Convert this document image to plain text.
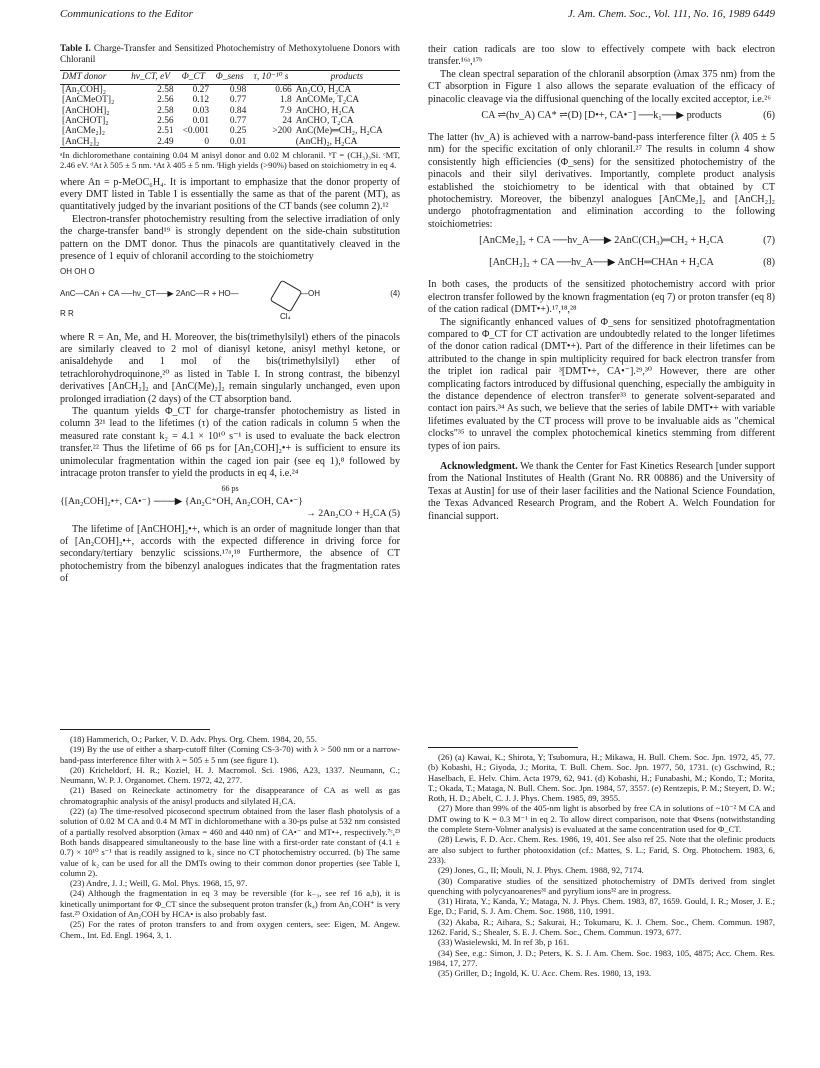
Communications to the Editor	J. Am. Chem. Soc., Vol. 111, No. 16, 1989 6449

Table I. Charge-Transfer and Sensitized Photochemistry of Methoxytoluene Donors with Chloranil

DMT donor	hν_CT, eV	Φ_CT	Φ_sens	τ, 10⁻¹⁰ s	products
[An₂COH]₂	2.58	0.27	0.98	0.66	An₂CO, H₂CA
[AnCMeOT]₂	2.56	0.12	0.77	1.8	AnCOMe, T₂CA
[AnCHOH]₂	2.58	0.03	0.84	7.9	AnCHO, H₂CA
[AnCHOT]₂	2.56	0.01	0.77	24	AnCHO, T₂CA
[AnCMe₂]₂	2.51	<0.001	0.25	>200	AnC(Me)═CH₂, H₂CA
[AnCH₂]₂	2.49	0	0.01		(AnCH)₂, H₂CA
ᵃIn dichloromethane containing 0.04 M anisyl donor and 0.02 M chloranil. ᵇT = (CH₃)₃Si. ᶜMT, 2.46 eV. ᵈAt λ 505 ± 5 nm. ᵉAt λ 405 ± 5 nm. ᶠHigh yields (>90%) based on stoichiometry in eq 4.

where An = p-MeOC₆H₄. It is important to emphasize that the donor property of every DMT listed in Table I is essentially the same as that of the parent (MT), as quantitatively judged by the invariant positions of the CT bands (see column 2).¹²

Electron-transfer photochemistry resulting from the selective irradiation of only the charge-transfer band¹⁹ is strongly dependent on the side-chain substitution pattern on the DMT donor. Thus the pinacols are quantitatively cleaved in the presence of 1 equiv of chloranil according to the stoichiometry

OH OH O
AnC—CAn + CA ──hν_CT──▶ 2AnC—R + HO—
R R
—OH
Cl₄
(4)

where R = An, Me, and H. Moreover, the bis(trimethylsilyl) ethers of the pinacols are similarly cleaved to 2 mol of dianisyl ketone, anisyl methyl ketone, or anisaldehyde and 1 mol of the bis(trimethylsilyl) ether of tetrachlorohydroquinone,²⁰ as listed in Table I. In strong contrast, the bibenzyl derivatives [AnCH₂]₂ and [AnC(Me)₂]₂ remain singularly unchanged, even upon prolonged irradiation (2 days) of the CT absorption band.

The quantum yields Φ_CT for charge-transfer photochemistry as listed in column 3²¹ lead to the lifetimes (τ) of the cation radicals in column 5 when the measured rate constant k₂ = 4.1 × 10¹⁰ s⁻¹ is used to evaluate the back electron transfer.²² Thus the lifetime of 66 ps for [An₂COH]₂•+ is sufficient to ensure its unimolecular fragmentation within the caged ion pair (see eq 1),⁸ followed by intracage proton transfer to yield the products in eq 4, i.e.²⁴

66 ps
{[An₂COH]₂•+, CA•⁻} ───▶ {An₂C⁺OH, An₂COH, CA•⁻}
→ 2An₂CO + H₂CA (5)

The lifetime of [AnCHOH]₂•+, which is an order of magnitude longer than that of [An₂COH]₂•+, accords with the expected difference in driving force for secondary/tertiary benzylic scissions.¹⁷ᵃ,¹⁸ Furthermore, the absence of CT photochemistry from the bibenzyl analogues indicates that the fragmentation rates of

(18) Hammerich, O.; Parker, V. D. Adv. Phys. Org. Chem. 1984, 20, 55.

(19) By the use of either a sharp-cutoff filter (Corning CS-3-70) with λ > 500 nm or a narrow-band-pass interference filter with λ = 505 ± 5 nm (see figure 1).

(20) Kricheldorf, H. R.; Koziel, H. J. Macromol. Sci. 1986, A23, 1337. Neumann, C.; Neumann, W. P. J. Organomet. Chem. 1972, 42, 277.

(21) Based on Reineckate actinometry for the disappearance of CA as well as gas chromatographic analysis of the anisyl products and silylated H₂CA.

(22) (a) The time-resolved picosecond spectrum obtained from the laser flash photolysis of a solution of 0.02 M CA and 0.4 M MT in dichloromethane with a 30-ps pulse at 532 nm consisted of a partially resolved absorption (λmax = 460 and 440 nm) of CA•⁻ and MT•+, respectively.⁷ᶜ,²³ Both bands disappeared simultaneously to the base line with a first-order rate constant of (4.1 ± 0.7) × 10¹⁰ s⁻¹ that is readily assigned to k₂ since no CT photochemistry occurred. (b) The same value of k₂ can be used for all the DMTs owing to their common donor properties (see Table I, column 2).

(23) Andre, J. J.; Weill, G. Mol. Phys. 1968, 15, 97.

(24) Although the fragmentation in eq 3 may be reversible (for k₋₃, see ref 16 a,b), it is kinetically unimportant for Φ_CT since the subsequent proton transfer (k₄) from An₂COH⁺ is very fast.²⁵ Oxidation of An₂COH by HCA• is also probably fast.

(25) For the rates of proton transfers to and from oxygen centers, see: Eigen, M. Angew. Chem., Int. Ed. Engl. 1964, 3, 1.

their cation radicals are too slow to effectively compete with back electron transfer.¹⁶ᵃ,¹⁷ᵇ

The clean spectral separation of the chloranil absorption (λmax 375 nm) from the CT absorption in Figure 1 also allows the separate evaluation of the efficacy of pinacolic cleavage via the diffusional quenching of the locally excited acceptor, i.e.²⁶

CA ⇌(hν_A) CA* ⇌(D) [D•+, CA•⁻] ──k₁──▶ products	(6)

The latter (hν_A) is achieved with a narrow-band-pass interference filter (λ 405 ± 5 nm) for the specific excitation of only chloranil.²⁷ The results in column 4 show consistently high efficiencies (Φ_sens) for the sensitized photochemistry of the pinacols and their silyl derivatives. Importantly, complete product analysis established the stoichiometry to be identical with that obtained by CT photochemistry. Moreover, the bibenzyl analogues [AnCMe₂]₂ and [AnCH₂]₂ undergo photofragmentation and elimination according to the following stoichiometries:

[AnCMe₂]₂ + CA ──hν_A──▶ 2AnC(CH₃)═CH₂ + H₂CA	(7)
[AnCH₂]₂ + CA ──hν_A──▶ AnCH═CHAn + H₂CA	(8)

In both cases, the products of the sensitized photochemistry accord with prior electron transfer followed by the known fragmentation (eq 7) or proton transfer (eq 8) of the cation radical (DMT•+).¹⁷,¹⁸,²⁸

The significantly enhanced values of Φ_sens for sensitized photofragmentation compared to Φ_CT for CT activation are undoubtedly related to the longer lifetimes of the donor cation radical (DMT•+). Part of the difference in their lifetimes can be attributed to the change in spin multiplicity required for back electron transfer from the triplet ion radical pair ³[DMT•+, CA•⁻].²⁹,³⁰ However, there are other complicating factors introduced by diffusional quenching, especially the ambiguity in the distance dependence of electron transfer³³ to generate solvent-separated and contact ion pairs.³⁴ As such, we believe that the series of labile DMT•+ with variable lifetimes evaluated by the CT process will prove to be invaluable aids as "chemical clocks"³⁵ to unravel the complex photochemical kinetics stemming from different types of ion pairs.

Acknowledgment. We thank the Center for Fast Kinetics Research [under support from the National Institutes of Health (Grant No. RR 00886) and the University of Texas at Austin] for use of their laser facilities and the National Science Foundation, the Texas Advanced Research Program, and the Robert A. Welch Foundation for financial support.

(26) (a) Kawai, K.; Shirota, Y; Tsubomura, H.; Mikawa, H. Bull. Chem. Soc. Jpn. 1972, 45, 77. (b) Kobashi, H.; Giyoda, J.; Morita, T. Bull. Chem. Soc. Jpn. 1977, 50, 1731. (c) Gschwind, R.; Haselbach, E. Helv. Chim. Acta 1979, 62, 941. (d) Kobashi, H.; Funabashi, M.; Kondo, T.; Morita, T.; Okada, T.; Mataga, N. Bull. Chem. Soc. Jpn. 1984, 57, 3557. (e) Rentzepis, P. M.; Steyert, D. W.; Roth, H. D.; Abelt, C. J. J. Phys. Chem. 1985, 89, 3955.

(27) More than 99% of the 405-nm light is absorbed by free CA in solutions of ~10⁻² M CA and DMT owing to K = 0.3 M⁻¹ in eq 2. To allow direct comparison, note that Φsens (notwithstanding the complete Stern-Volmer analysis) is evaluated at the same concentration used for Φ_CT.

(28) Lewis, F. D. Acc. Chem. Res. 1986, 19, 401. See also ref 25. Note that the olefinic products are also subject to further photooxidation (cf.: Mattes, S. L.; Farid, S. Org. Photochem. 1983, 6, 233).

(29) Jones, G., II; Mouli, N. J. Phys. Chem. 1988, 92, 7174.

(30) Comparative studies of the sensitized photochemistry of DMTs derived from singlet quenching with polycyanoarenes³¹ and pyrylium ions³² are in progress.

(31) Hirata, Y.; Kanda, Y.; Mataga, N. J. Phys. Chem. 1983, 87, 1659. Gould, I. R.; Moser, J. E.; Ege, D.; Farid, S. J. Am. Chem. Soc. 1988, 110, 1991.

(32) Akaba, R.; Aihara, S.; Sakurai, H.; Tokumaru, K. J. Chem. Soc., Chem. Commun. 1987, 1262. Farid, S.; Shealer, S. E. J. Chem. Soc., Chem. Commun. 1973, 677.

(33) Wasielewski, M. In ref 3b, p 161.

(34) See, e.g.: Simon, J. D.; Peters, K. S. J. Am. Chem. Soc. 1983, 105, 4875; Acc. Chem. Res. 1984, 17, 277.

(35) Griller, D.; Ingold, K. U. Acc. Chem. Res. 1980, 13, 193.
